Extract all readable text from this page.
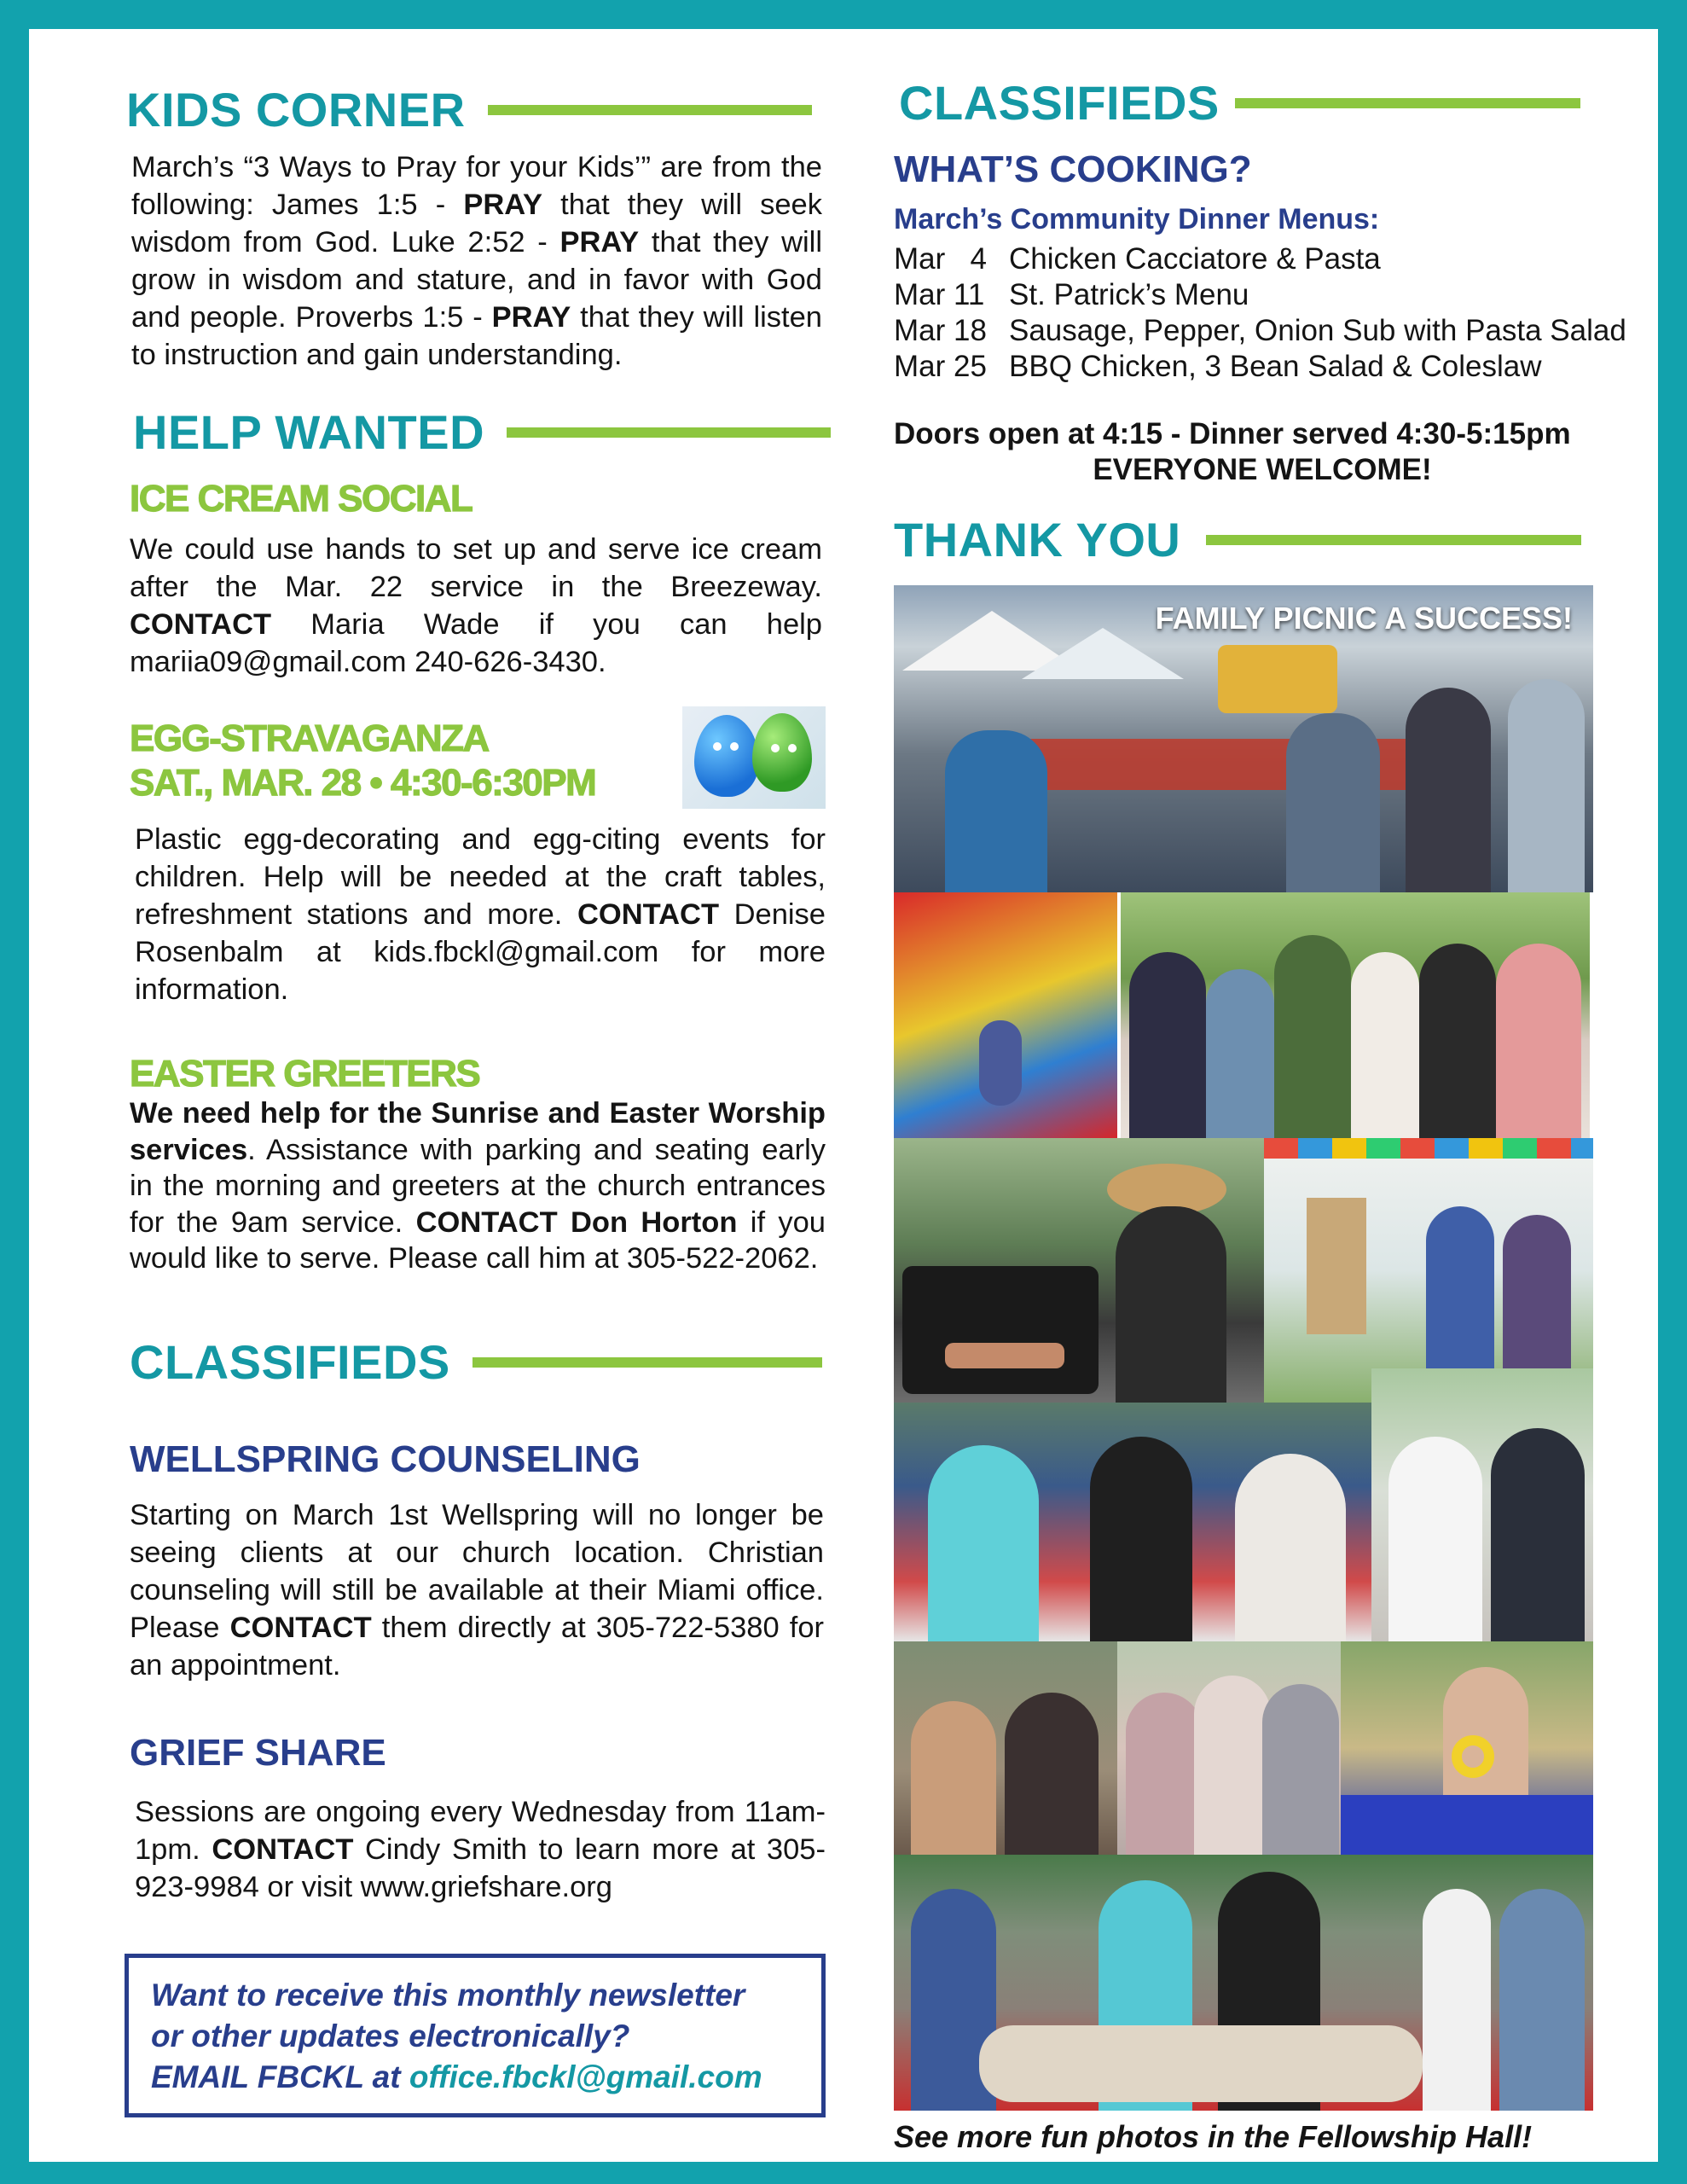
KIDS CORNER
March’s “3 Ways to Pray for your Kids’” are from the following: James 1:5 - PRAY that they will seek wisdom from God. Luke 2:52 - PRAY that they will grow in wisdom and stature, and in favor with God and people. Proverbs 1:5 - PRAY that they will listen to instruction and gain understanding.
HELP WANTED
ICE CREAM SOCIAL
We could use hands to set up and serve ice cream after the Mar. 22 service in the Breezeway. CONTACT Maria Wade if you can help mariia09@gmail.com 240-626-3430.
EGG-STRAVAGANZA
SAT., MAR. 28 • 4:30-6:30PM
Plastic egg-decorating and egg-citing events for children. Help will be needed at the craft tables, refreshment stations and more. CONTACT Denise Rosenbalm at kids.fbckl@gmail.com for more information.
EASTER GREETERS
We need help for the Sunrise and Easter Worship services. Assistance with parking and seating early in the morning and greeters at the church entrances for the 9am service. CONTACT Don Horton if you would like to serve. Please call him at 305-522-2062.
CLASSIFIEDS
WELLSPRING COUNSELING
Starting on March 1st Wellspring will no longer be seeing clients at our church location. Christian counseling will still be available at their Miami office. Please CONTACT them directly at 305-722-5380 for an appointment.
GRIEF SHARE
Sessions are ongoing every Wednesday from 11am-1pm. CONTACT Cindy Smith to learn more at 305-923-9984 or visit www.griefshare.org
Want to receive this monthly newsletter
or other updates electronically?
EMAIL FBCKL at office.fbckl@gmail.com
CLASSIFIEDS
WHAT’S COOKING?
March’s Community Dinner Menus:
Mar   4 Chicken Cacciatore & Pasta
Mar 11 St. Patrick’s Menu
Mar 18 Sausage, Pepper, Onion Sub with Pasta Salad
Mar 25 BBQ Chicken, 3 Bean Salad & Coleslaw
Doors open at 4:15 - Dinner served 4:30-5:15pm
EVERYONE WELCOME!
THANK YOU
FAMILY PICNIC A SUCCESS!
See more fun photos in the Fellowship Hall!
